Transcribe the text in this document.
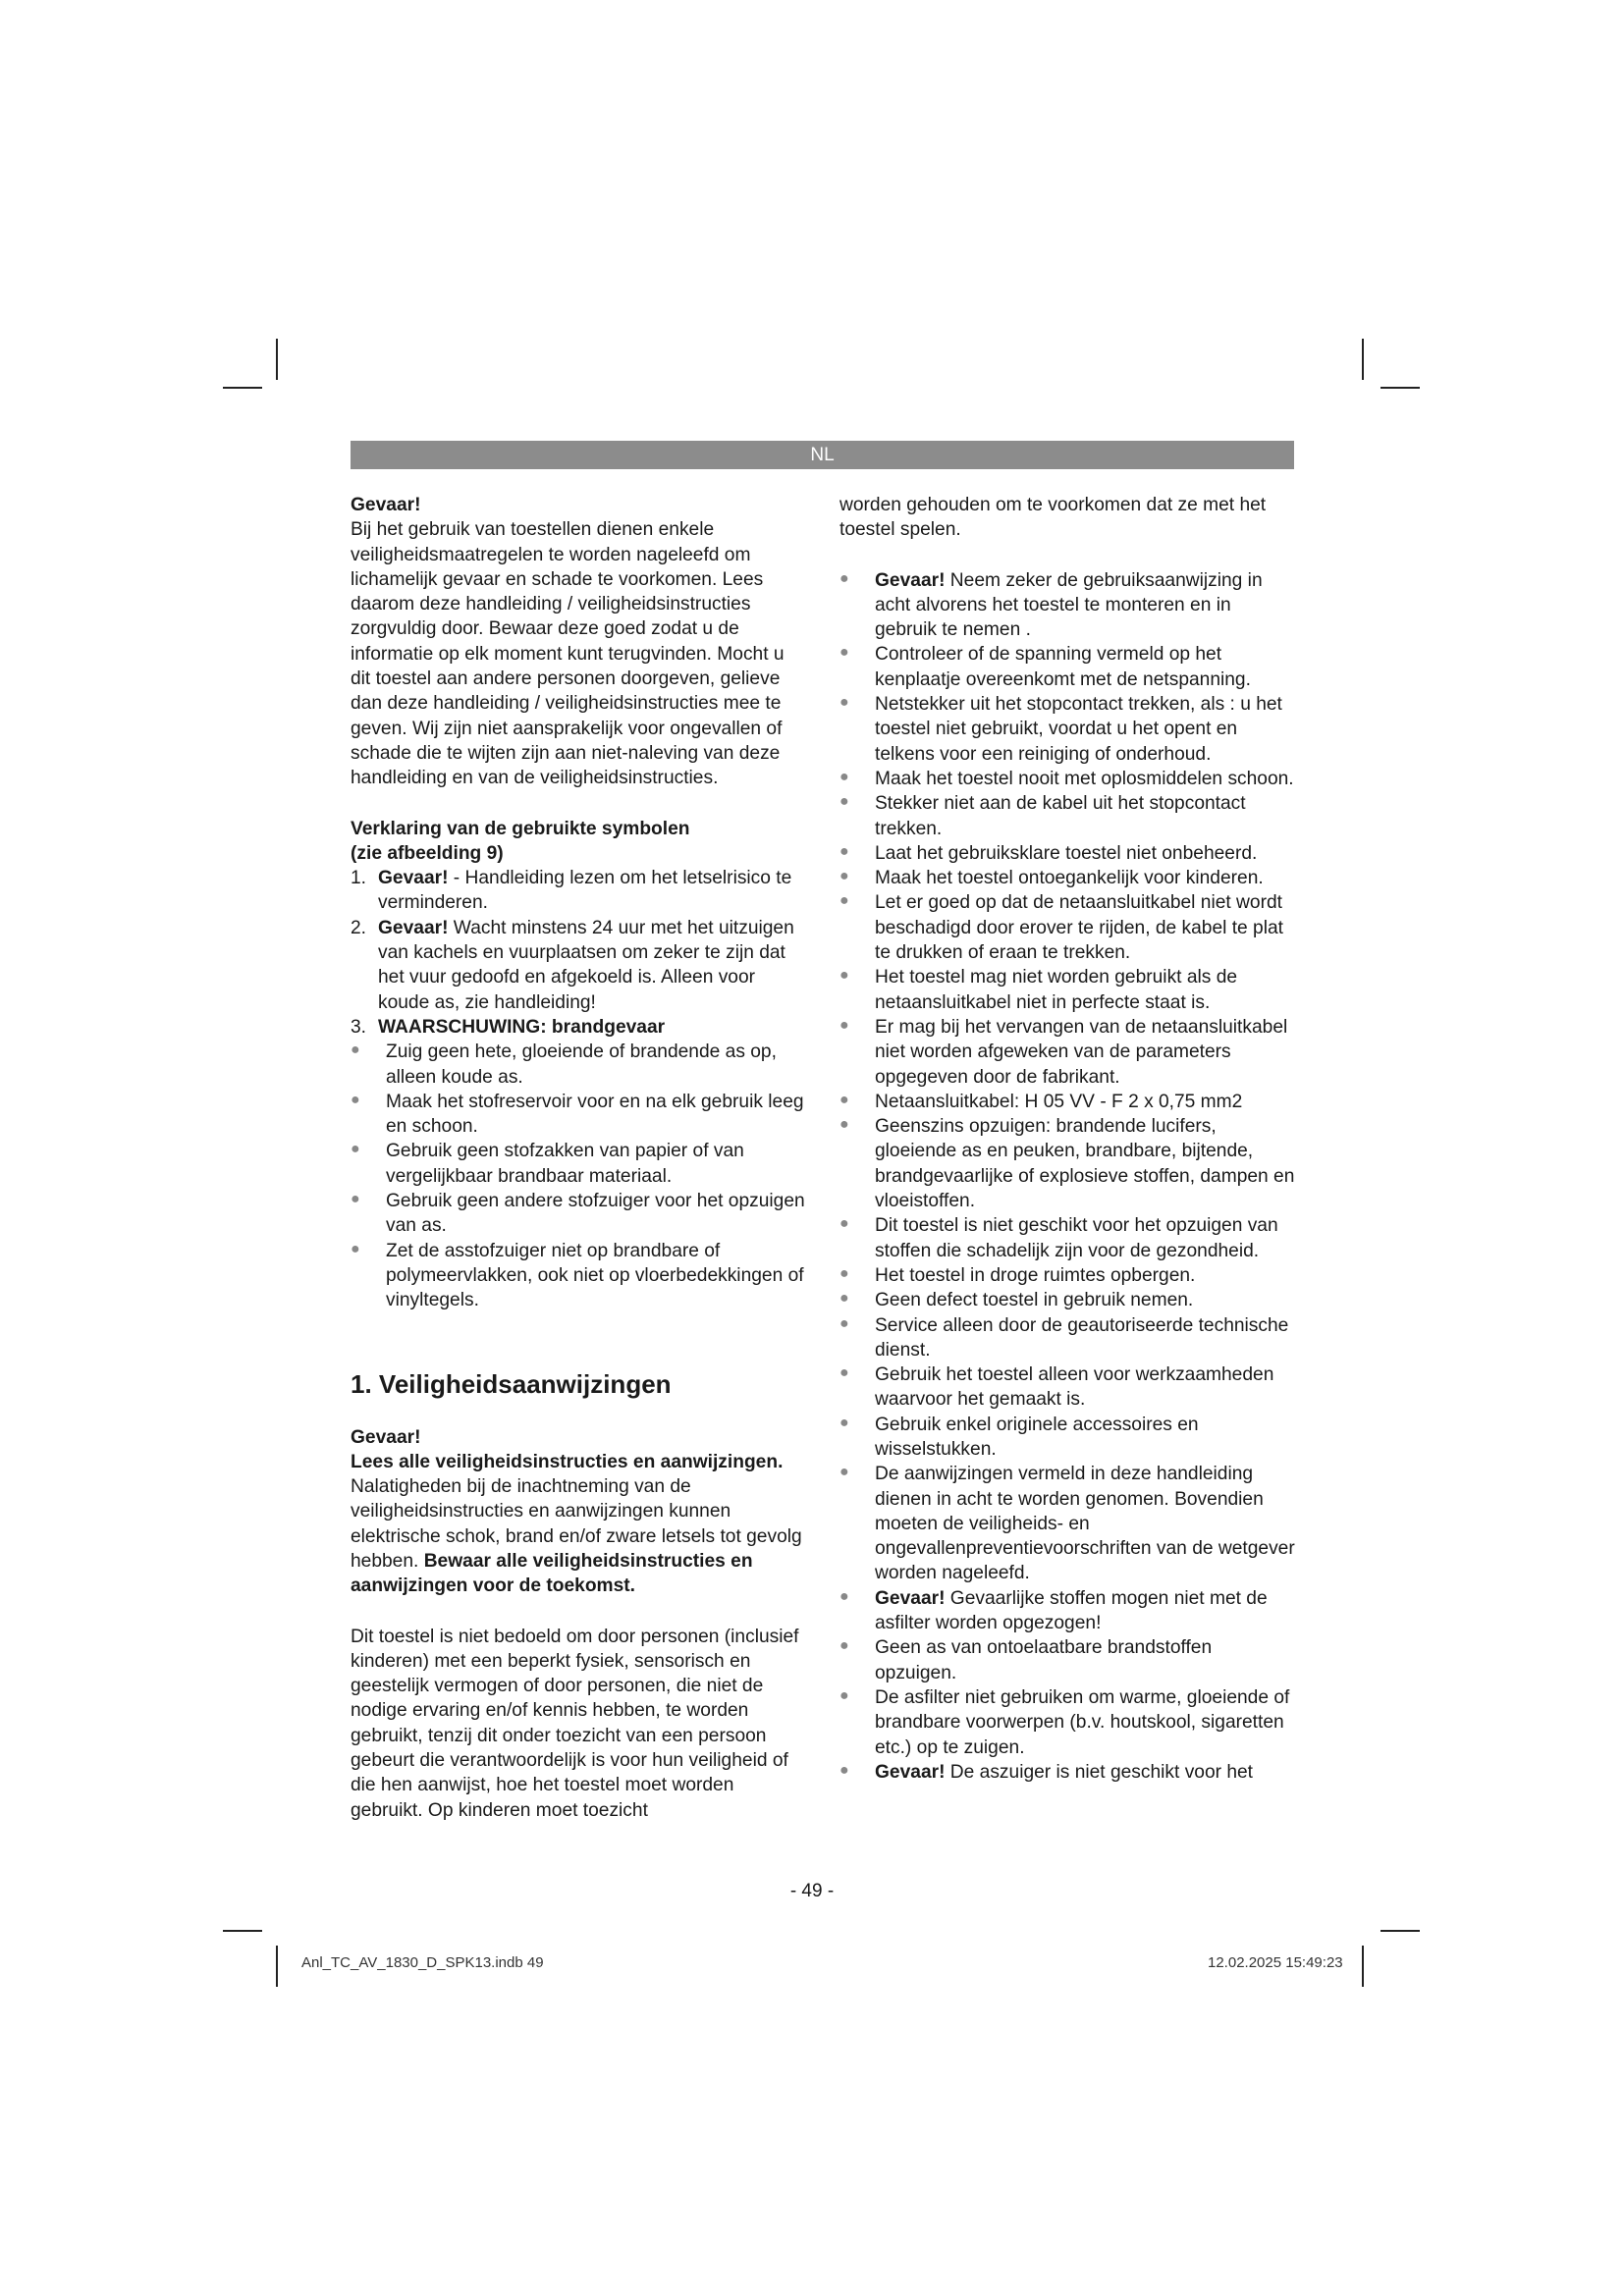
NL

Gevaar!

Bij het gebruik van toestellen dienen enkele veiligheidsmaatregelen te worden nageleefd om lichamelijk gevaar en schade te voorkomen. Lees daarom deze handleiding / veiligheidsinstructies zorgvuldig door. Bewaar deze goed zodat u de informatie op elk moment kunt terugvinden. Mocht u dit toestel aan andere personen doorgeven, gelieve dan deze handleiding / veiligheidsinstructies mee te geven. Wij zijn niet aansprakelijk voor ongevallen of schade die te wijten zijn aan niet-naleving van deze handleiding en van de veiligheidsinstructies.

Verklaring van de gebruikte symbolen

(zie afbeelding 9)

1. Gevaar! - Handleiding lezen om het letselrisico te verminderen.
2. Gevaar! Wacht minstens 24 uur met het uitzuigen van kachels en vuurplaatsen om zeker te zijn dat het vuur gedoofd en afgekoeld is. Alleen voor koude as, zie handleiding!
3. WAARSCHUWING: brandgevaar
●	Zuig geen hete, gloeiende of brandende as op, alleen koude as.
●	Maak het stofreservoir voor en na elk gebruik leeg en schoon.
●	Gebruik geen stofzakken van papier of van vergelijkbaar brandbaar materiaal.
●	Gebruik geen andere stofzuiger voor het opzuigen van as.
●	Zet de asstofzuiger niet op brandbare of polymeervlakken, ook niet op vloerbedekkingen of vinyltegels.

1. Veiligheidsaanwijzingen

Gevaar!

Lees alle veiligheidsinstructies en aanwijzingen. Nalatigheden bij de inachtneming van de veiligheidsinstructies en aanwijzingen kunnen elektrische schok, brand en/of zware letsels tot gevolg hebben. Bewaar alle veiligheidsinstructies en aanwijzingen voor de toekomst.

Dit toestel is niet bedoeld om door personen (inclusief kinderen) met een beperkt fysiek, sensorisch en geestelijk vermogen of door personen, die niet de nodige ervaring en/of kennis hebben, te worden gebruikt, tenzij dit onder toezicht van een persoon gebeurt die verantwoordelijk is voor hun veiligheid of die hen aanwijst, hoe het toestel moet worden gebruikt. Op kinderen moet toezicht

worden gehouden om te voorkomen dat ze met het toestel spelen.

●	Gevaar! Neem zeker de gebruiksaanwijzing in acht alvorens het toestel te monteren en in gebruik te nemen .
●	Controleer of de spanning vermeld op het kenplaatje overeenkomt met de netspanning.
●	Netstekker uit het stopcontact trekken, als : u het toestel niet gebruikt, voordat u het opent en telkens voor een reiniging of onderhoud.
●	Maak het toestel nooit met oplosmiddelen schoon.
●	Stekker niet aan de kabel uit het stopcontact trekken.
●	Laat het gebruiksklare toestel niet onbeheerd.
●	Maak het toestel ontoegankelijk voor kinderen.
●	Let er goed op dat de netaansluitkabel niet wordt beschadigd door erover te rijden, de kabel te plat te drukken of eraan te trekken.
●	Het toestel mag niet worden gebruikt als de netaansluitkabel niet in perfecte staat is.
●	Er mag bij het vervangen van de netaansluitkabel niet worden afgeweken van de parameters opgegeven door de fabrikant.
●	Netaansluitkabel: H 05 VV - F 2 x 0,75 mm2
●	Geenszins opzuigen: brandende lucifers, gloeiende as en peuken, brandbare, bijtende, brandgevaarlijke of explosieve stoffen, dampen en vloeistoffen.
●	Dit toestel is niet geschikt voor het opzuigen van stoffen die schadelijk zijn voor de gezondheid.
●	Het toestel in droge ruimtes opbergen.
●	Geen defect toestel in gebruik nemen.
●	Service alleen door de geautoriseerde technische dienst.
●	Gebruik het toestel alleen voor werkzaamheden waarvoor het gemaakt is.
●	Gebruik enkel originele accessoires en wisselstukken.
●	De aanwijzingen vermeld in deze handleiding dienen in acht te worden genomen. Bovendien moeten de veiligheids- en ongevallenpreventievoorschriften van de wetgever worden nageleefd.
●	Gevaar! Gevaarlijke stoffen mogen niet met de asfilter worden opgezogen!
●	Geen as van ontoelaatbare brandstoffen opzuigen.
●	De asfilter niet gebruiken om warme, gloeiende of brandbare voorwerpen (b.v. houtskool, sigaretten etc.) op te zuigen.
●	Gevaar! De aszuiger is niet geschikt voor het
- 49 -
Anl_TC_AV_1830_D_SPK13.indb 49	12.02.2025 15:49:23
